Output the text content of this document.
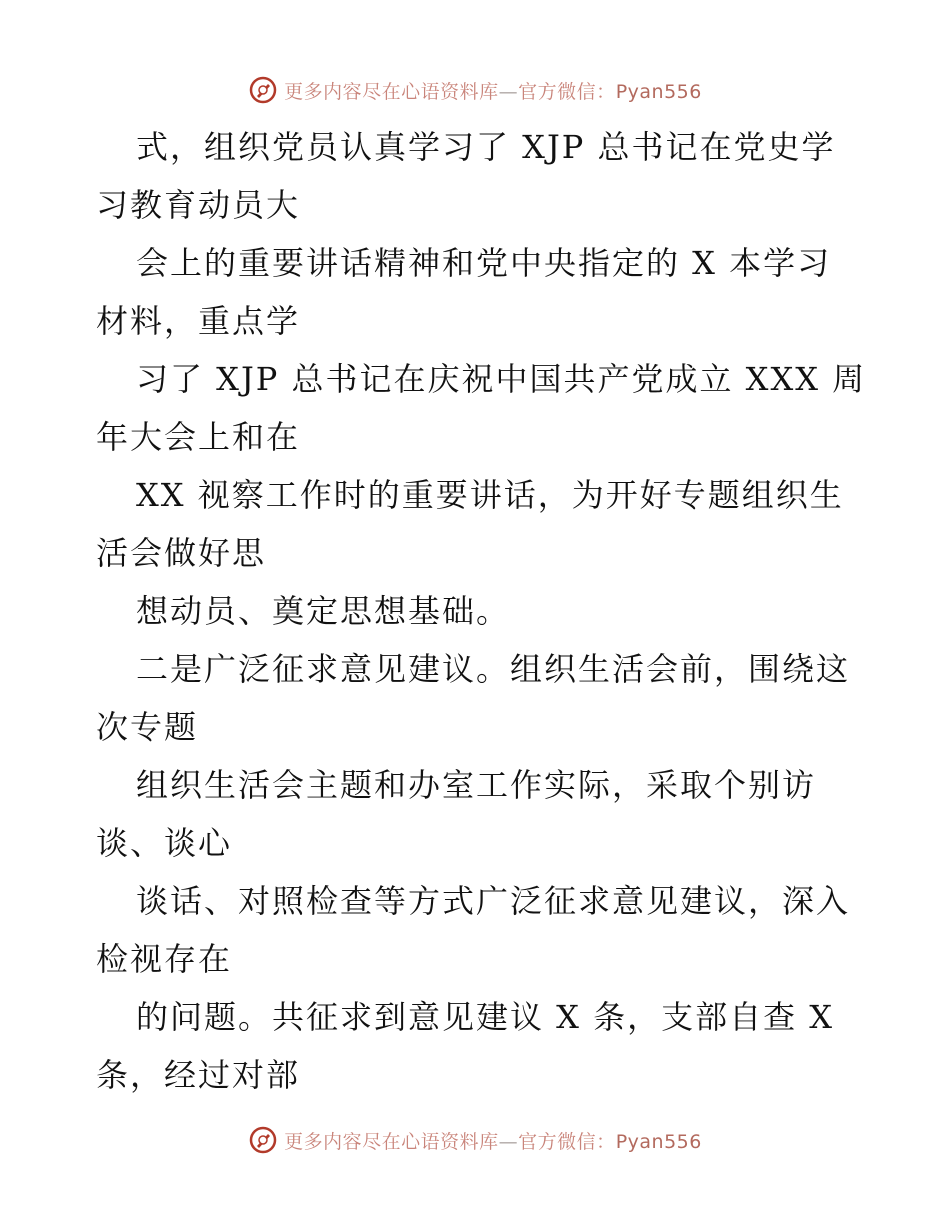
更多内容尽在心语资料库—官方微信：Pyan556
式，组织党员认真学习了 XJP 总书记在党史学
习教育动员大
会上的重要讲话精神和党中央指定的 X 本学习
材料，重点学
习了 XJP 总书记在庆祝中国共产党成立 XXX 周
年大会上和在
XX 视察工作时的重要讲话，为开好专题组织生
活会做好思
想动员、奠定思想基础。
二是广泛征求意见建议。组织生活会前，围绕这
次专题
组织生活会主题和办室工作实际，采取个别访
谈、谈心
谈话、对照检查等方式广泛征求意见建议，深入
检视存在
的问题。共征求到意见建议 X 条，支部自查 X
条，经过对部
更多内容尽在心语资料库—官方微信：Pyan556
